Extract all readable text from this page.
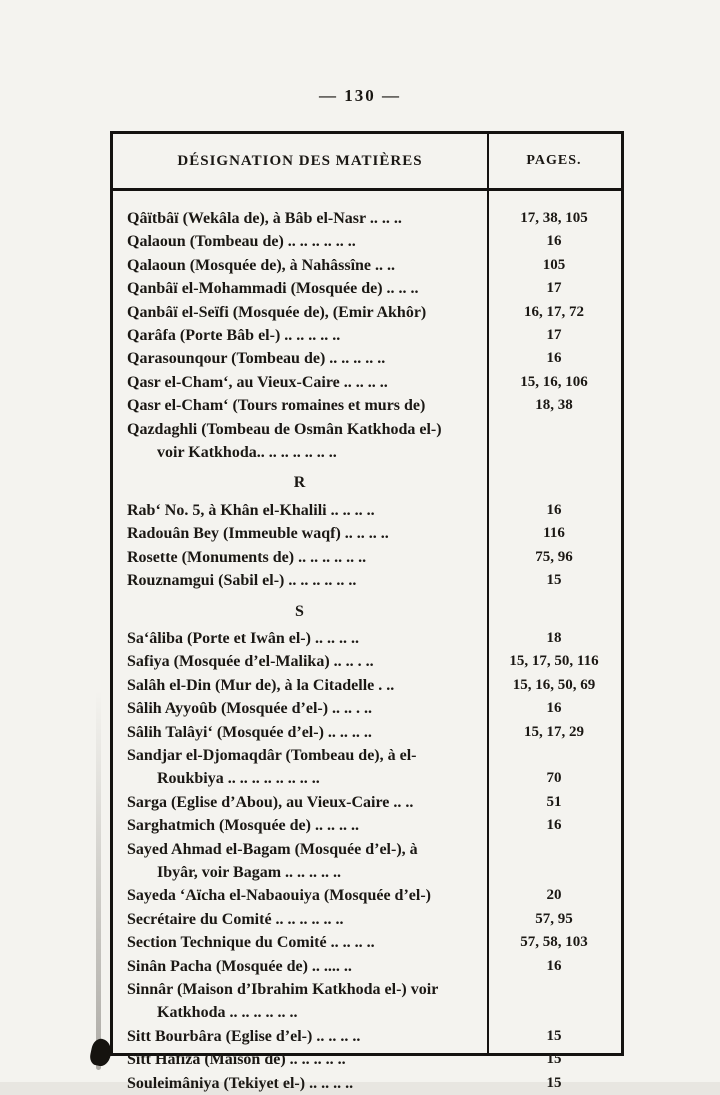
— 130 —
DÉSIGNATION DES MATIÈRES	PAGES.
Qâïtbâï (Wekâla de), à Bâb el-Nasr .. .. ..	17, 38, 105
Qalaoun (Tombeau de) .. .. .. .. .. ..	16
Qalaoun (Mosquée de), à Nahâssîne .. ..	105
Qanbâï el-Mohammadi (Mosquée de) .. .. ..	17
Qanbâï el-Seïfi (Mosquée de), (Emir Akhôr)	16, 17, 72
Qarâfa (Porte Bâb el-) .. .. .. .. ..	17
Qarasounqour (Tombeau de) .. .. .. .. ..	16
Qasr el-Cham‘, au Vieux-Caire .. .. .. ..	15, 16, 106
Qasr el-Cham‘ (Tours romaines et murs de)	18, 38
Qazdaghli (Tombeau de Osmân Katkhoda el-)
voir Katkhoda.. .. .. .. .. .. ..
R
Rab‘ No. 5, à Khân el-Khalili .. .. .. ..	16
Radouân Bey (Immeuble waqf) .. .. .. ..	116
Rosette (Monuments de) .. .. .. .. .. ..	75, 96
Rouznamgui (Sabil el-) .. .. .. .. .. ..	15
S
Sa‘âliba (Porte et Iwân el-) .. .. .. ..	18
Safiya (Mosquée d’el-Malika) .. .. . ..	15, 17, 50, 116
Salâh el-Din (Mur de), à la Citadelle . ..	15, 16, 50, 69
Sâlih Ayyoûb (Mosquée d’el-) .. .. . ..	16
Sâlih Talâyi‘ (Mosquée d’el-) .. .. .. ..	15, 17, 29
Sandjar el-Djomaqdâr (Tombeau de), à el-
Roukbiya .. .. .. .. .. .. .. ..	70
Sarga (Eglise d’Abou), au Vieux-Caire .. ..	51
Sarghatmich (Mosquée de) .. .. .. ..	16
Sayed Ahmad el-Bagam (Mosquée d’el-), à
Ibyâr, voir Bagam .. .. .. .. ..
Sayeda ‘Aïcha el-Nabaouiya (Mosquée d’el-)	20
Secrétaire du Comité .. .. .. .. .. ..	57, 95
Section Technique du Comité .. .. .. ..	57, 58, 103
Sinân Pacha (Mosquée de) .. .... ..	16
Sinnâr (Maison d’Ibrahim Katkhoda el-) voir
Katkhoda .. .. .. .. .. ..
Sitt Bourbâra (Eglise d’el-) .. .. .. ..	15
Sitt Hafiza (Maison de) .. .. .. .. ..	15
Souleimâniya (Tekiyet el-) .. .. .. ..	15
